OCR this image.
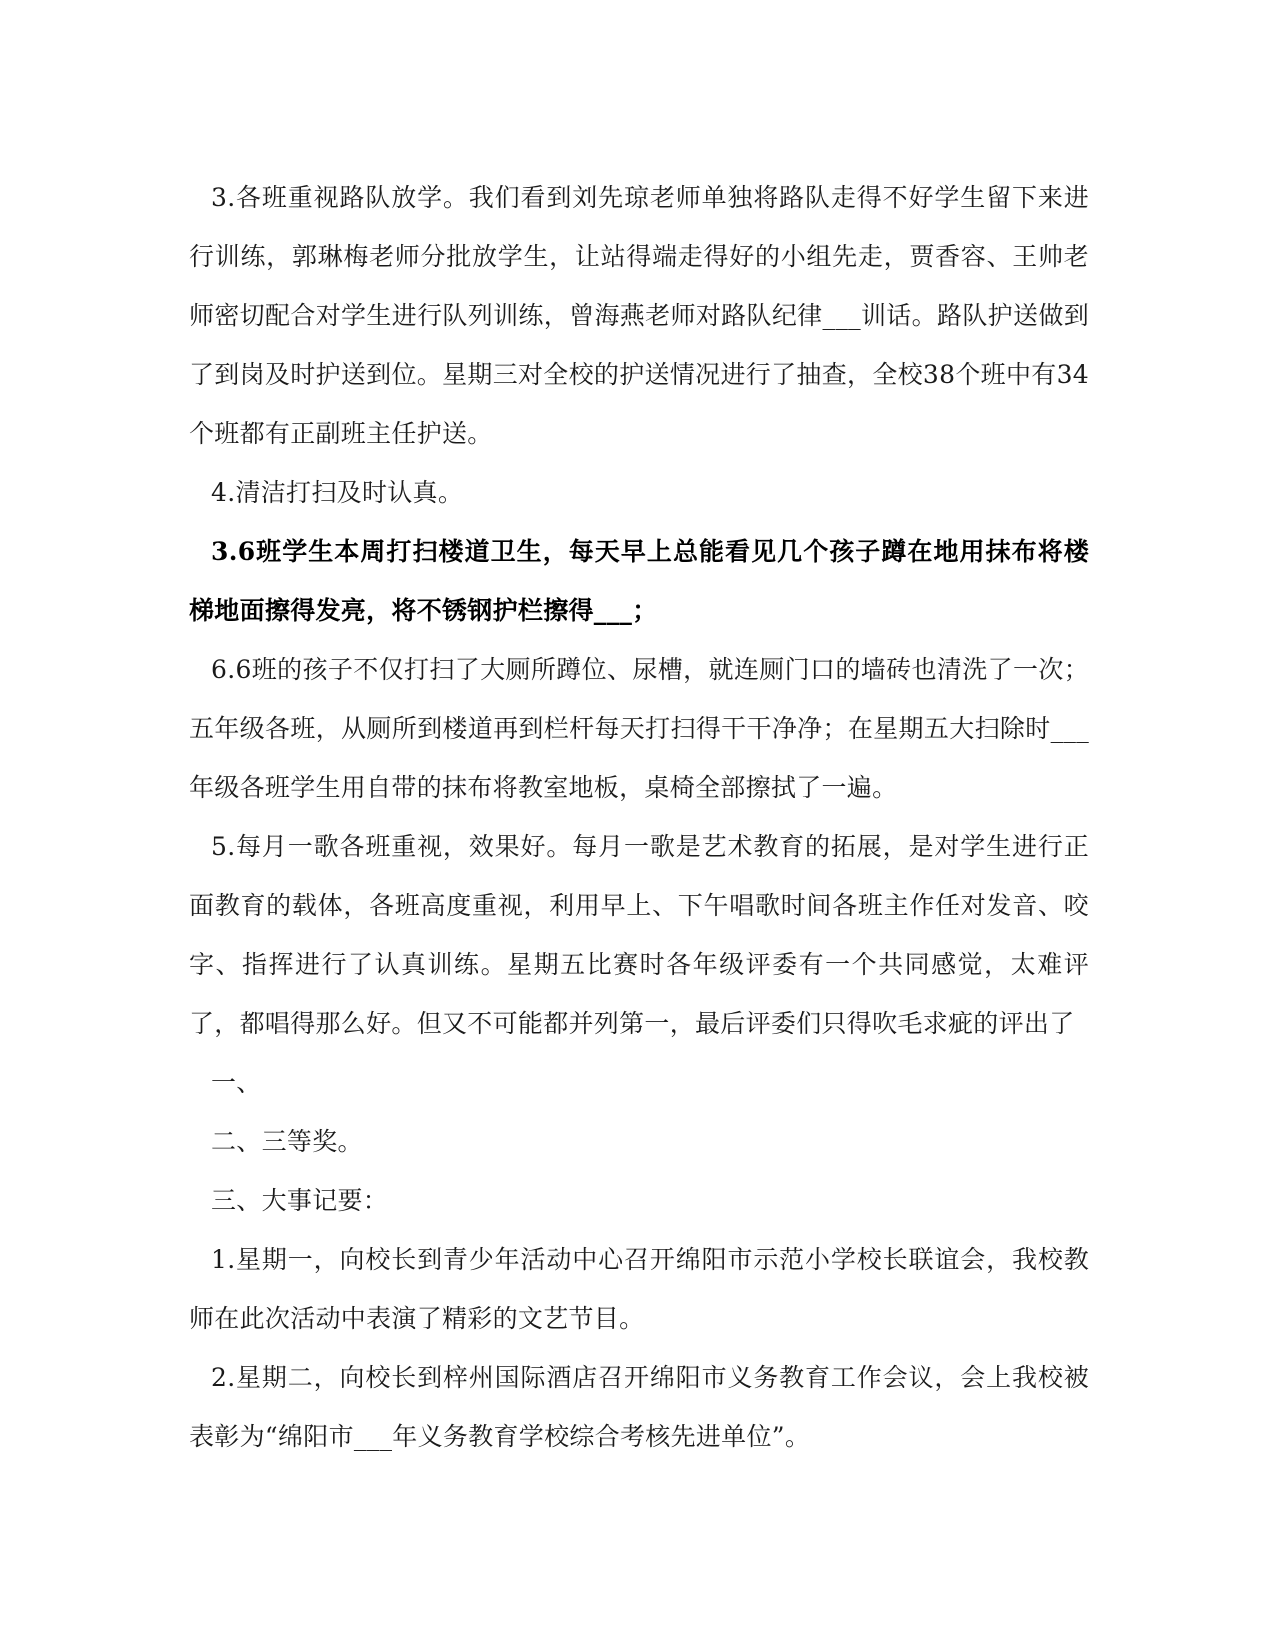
3.各班重视路队放学。我们看到刘先琼老师单独将路队走得不好学生留下来进行训练，郭琳梅老师分批放学生，让站得端走得好的小组先走，贾香容、王帅老师密切配合对学生进行队列训练，曾海燕老师对路队纪律___训话。路队护送做到了到岗及时护送到位。星期三对全校的护送情况进行了抽查，全校38个班中有34个班都有正副班主任护送。

4.清洁打扫及时认真。

3.6班学生本周打扫楼道卫生，每天早上总能看见几个孩子蹲在地用抹布将楼梯地面擦得发亮，将不锈钢护栏擦得___；

6.6班的孩子不仅打扫了大厕所蹲位、尿槽，就连厕门口的墙砖也清洗了一次；五年级各班，从厕所到楼道再到栏杆每天打扫得干干净净；在星期五大扫除时___年级各班学生用自带的抹布将教室地板，桌椅全部擦拭了一遍。

5.每月一歌各班重视，效果好。每月一歌是艺术教育的拓展，是对学生进行正面教育的载体，各班高度重视，利用早上、下午唱歌时间各班主作任对发音、咬字、指挥进行了认真训练。星期五比赛时各年级评委有一个共同感觉，太难评了，都唱得那么好。但又不可能都并列第一，最后评委们只得吹毛求疵的评出了

一、

二、三等奖。

三、大事记要：

1.星期一，向校长到青少年活动中心召开绵阳市示范小学校长联谊会，我校教师在此次活动中表演了精彩的文艺节目。

2.星期二，向校长到梓州国际酒店召开绵阳市义务教育工作会议，会上我校被表彰为“绵阳市___年义务教育学校综合考核先进单位”。
